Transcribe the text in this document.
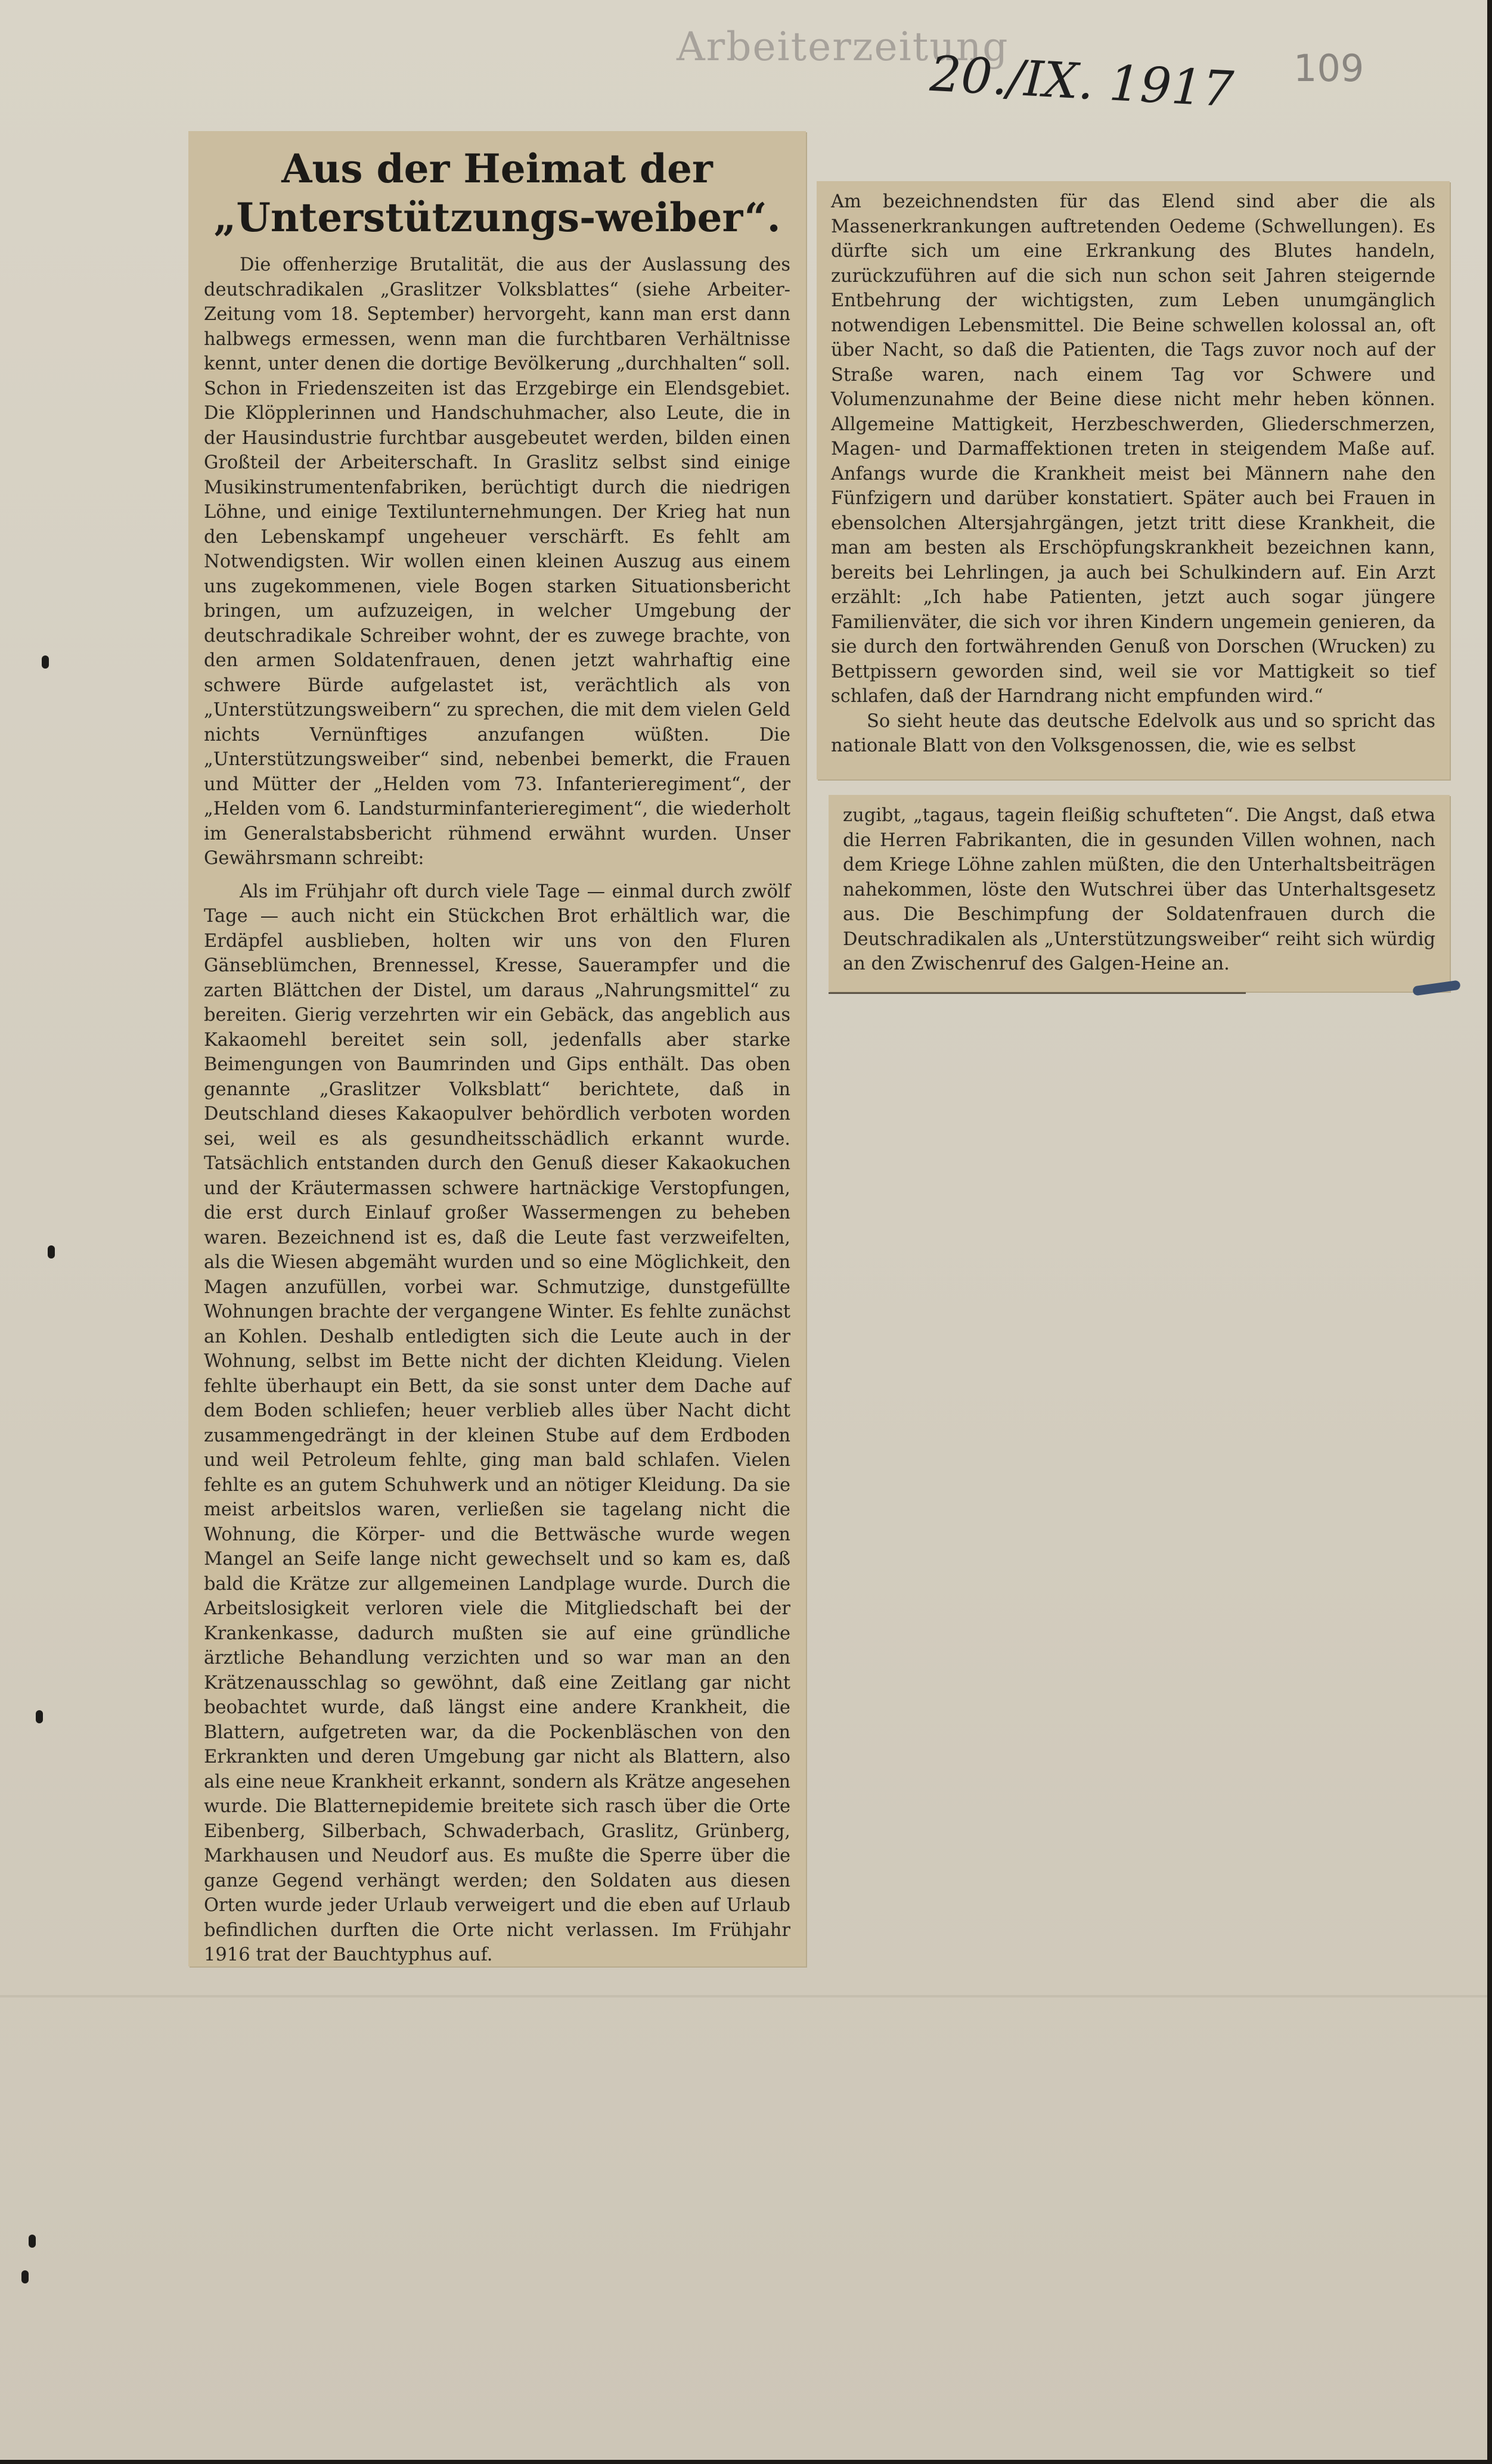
Arbeiterzeitung
20./IX. 1917 109
Aus der Heimat der „Unterstützungs-weiber“.
Die offenherzige Brutalität, die aus der Auslassung des deutschradikalen „Graslitzer Volksblattes“ (siehe Arbeiter-Zeitung vom 18. September) hervorgeht, kann man erst dann halbwegs ermessen, wenn man die furchtbaren Verhältnisse kennt, unter denen die dortige Bevölkerung „durchhalten“ soll. Schon in Friedenszeiten ist das Erzgebirge ein Elendsgebiet. Die Klöpplerinnen und Handschuhmacher, also Leute, die in der Hausindustrie furchtbar ausgebeutet werden, bilden einen Großteil der Arbeiterschaft. In Graslitz selbst sind einige Musikinstrumentenfabriken, berüchtigt durch die niedrigen Löhne, und einige Textilunternehmungen. Der Krieg hat nun den Lebenskampf ungeheuer verschärft. Es fehlt am Notwendigsten. Wir wollen einen kleinen Auszug aus einem uns zugekommenen, viele Bogen starken Situationsbericht bringen, um aufzuzeigen, in welcher Umgebung der deutschradikale Schreiber wohnt, der es zuwege brachte, von den armen Soldatenfrauen, denen jetzt wahrhaftig eine schwere Bürde aufgelastet ist, verächtlich als von „Unterstützungsweibern“ zu sprechen, die mit dem vielen Geld nichts Vernünftiges anzufangen wüßten. Die „Unterstützungsweiber“ sind, nebenbei bemerkt, die Frauen und Mütter der „Helden vom 73. Infanterieregiment“, der „Helden vom 6. Landsturminfanterieregiment“, die wiederholt im Generalstabsbericht rühmend erwähnt wurden. Unser Gewährsmann schreibt:
Als im Frühjahr oft durch viele Tage — einmal durch zwölf Tage — auch nicht ein Stückchen Brot erhältlich war, die Erdäpfel ausblieben, holten wir uns von den Fluren Gänseblümchen, Brennessel, Kresse, Sauerampfer und die zarten Blättchen der Distel, um daraus „Nahrungsmittel“ zu bereiten. Gierig verzehrten wir ein Gebäck, das angeblich aus Kakaomehl bereitet sein soll, jedenfalls aber starke Beimengungen von Baumrinden und Gips enthält. Das oben genannte „Graslitzer Volksblatt“ berichtete, daß in Deutschland dieses Kakaopulver behördlich verboten worden sei, weil es als gesundheitsschädlich erkannt wurde. Tatsächlich entstanden durch den Genuß dieser Kakaokuchen und der Kräutermassen schwere hartnäckige Verstopfungen, die erst durch Einlauf großer Wassermengen zu beheben waren. Bezeichnend ist es, daß die Leute fast verzweifelten, als die Wiesen abgemäht wurden und so eine Möglichkeit, den Magen anzufüllen, vorbei war. Schmutzige, dunstgefüllte Wohnungen brachte der vergangene Winter. Es fehlte zunächst an Kohlen. Deshalb entledigten sich die Leute auch in der Wohnung, selbst im Bette nicht der dichten Kleidung. Vielen fehlte überhaupt ein Bett, da sie sonst unter dem Dache auf dem Boden schliefen; heuer verblieb alles über Nacht dicht zusammengedrängt in der kleinen Stube auf dem Erdboden und weil Petroleum fehlte, ging man bald schlafen. Vielen fehlte es an gutem Schuhwerk und an nötiger Kleidung. Da sie meist arbeitslos waren, verließen sie tagelang nicht die Wohnung, die Körper- und die Bettwäsche wurde wegen Mangel an Seife lange nicht gewechselt und so kam es, daß bald die Krätze zur allgemeinen Landplage wurde. Durch die Arbeitslosigkeit verloren viele die Mitgliedschaft bei der Krankenkasse, dadurch mußten sie auf eine gründliche ärztliche Behandlung verzichten und so war man an den Krätzenausschlag so gewöhnt, daß eine Zeitlang gar nicht beobachtet wurde, daß längst eine andere Krankheit, die Blattern, aufgetreten war, da die Pockenbläschen von den Erkrankten und deren Umgebung gar nicht als Blattern, also als eine neue Krankheit erkannt, sondern als Krätze angesehen wurde. Die Blatternepidemie breitete sich rasch über die Orte Eibenberg, Silberbach, Schwaderbach, Graslitz, Grünberg, Markhausen und Neudorf aus. Es mußte die Sperre über die ganze Gegend verhängt werden; den Soldaten aus diesen Orten wurde jeder Urlaub verweigert und die eben auf Urlaub befindlichen durften die Orte nicht verlassen. Im Frühjahr 1916 trat der Bauchtyphus auf.
Am bezeichnendsten für das Elend sind aber die als Massenerkrankungen auftretenden Oedeme (Schwellungen). Es dürfte sich um eine Erkrankung des Blutes handeln, zurückzuführen auf die sich nun schon seit Jahren steigernde Entbehrung der wichtigsten, zum Leben unumgänglich notwendigen Lebensmittel. Die Beine schwellen kolossal an, oft über Nacht, so daß die Patienten, die Tags zuvor noch auf der Straße waren, nach einem Tag vor Schwere und Volumenzunahme der Beine diese nicht mehr heben können. Allgemeine Mattigkeit, Herzbeschwerden, Gliederschmerzen, Magen- und Darmaffektionen treten in steigendem Maße auf. Anfangs wurde die Krankheit meist bei Männern nahe den Fünfzigern und darüber konstatiert. Später auch bei Frauen in ebensolchen Altersjahrgängen, jetzt tritt diese Krankheit, die man am besten als Erschöpfungskrankheit bezeichnen kann, bereits bei Lehrlingen, ja auch bei Schulkindern auf. Ein Arzt erzählt: „Ich habe Patienten, jetzt auch sogar jüngere Familienväter, die sich vor ihren Kindern ungemein genieren, da sie durch den fortwährenden Genuß von Dorschen (Wrucken) zu Bettpissern geworden sind, weil sie vor Mattigkeit so tief schlafen, daß der Harndrang nicht empfunden wird.“
So sieht heute das deutsche Edelvolk aus und so spricht das nationale Blatt von den Volksgenossen, die, wie es selbst
zugibt, „tagaus, tagein fleißig schufteten“. Die Angst, daß etwa die Herren Fabrikanten, die in gesunden Villen wohnen, nach dem Kriege Löhne zahlen müßten, die den Unterhaltsbeiträgen nahekommen, löste den Wutschrei über das Unterhaltsgesetz aus. Die Beschimpfung der Soldatenfrauen durch die Deutschradikalen als „Unterstützungsweiber“ reiht sich würdig an den Zwischenruf des Galgen-Heine an.
